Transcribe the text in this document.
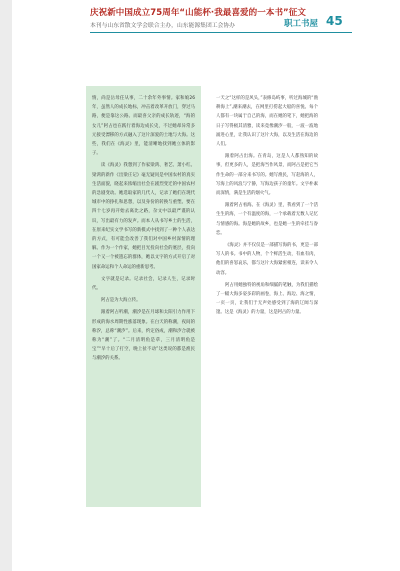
庆祝新中国成立75周年“山能杯·我最喜爱的一本书”征文
本刊与山东省散文学会联合主办，山东能源集团工会协办	职工书屋 45

情，尚是岳母任从事，二十余年外事情。家和娘26年，虽然人的成长地标，冲击着改革开放门，穿过马路，便是靠这公路。而最喜父亲的成长轨迹，“海的女儿”阿占也在践行着海边成长史，不过她却异常多元接受漂移的方式融入了这片深爱的土地与大海。这些，我们在《海灵》里，能清晰地找到她立体的影子。

读《海灵》我想到了作家梁鸿、奢艺、萧小红。梁鸿的新作《出梁庄记》毫无疑问是中国农村的真实生活面貌，晓起来浓缩出社会在剧烈变迁的中国农村的急剧变动。她选取家的几代人，记录了她们在现代城市中的挣扎和思想，以及身份的转换与重塑。要在四十七岁再开始去离比之路，杂文中以最严谨的认识，写出最有力的发声。而本人从书写乡土的生活，在原来纪实文学书写的新模式中找到了一种个人表达的方式，有可能会改善了我们对中国乡村深情的理解。作为一个作家，她把目光投向社会的底层，投向一个又一个被遗忘的群体，她以文字的方式开启了对国家命运和个人命运的重新思考。

文字就是记录。记录社会，记录人生，记录时代。

阿占是为大海立传。

跟着阿占听潮，潮汐是在月球和太阳引力作用下形成的海水周期性涨落现象。在白天的称潮，夜间的称汐，总称“潮汐”。后来，约定俗成，潮和汐合就被称为“潮”了。“二月清明鱼是草，三月清明鱼是宝”“早十后了打空，晚上扯不动”这类说的都是渔民与潮汐的关系。

一天之“这样的是风头，”表修岛屿事，听过海城的“渔耕海上”,潮来潮去，在网里打捞起大船的喜悦。每个人都有一块属于自己的海，而在她的笔下，她把海的日子写得极其清雅，读来竟像潮汐一般，一波一波地涌进心里，让我认识了这片大海，以及生活在海边的人们。

跟着阿占出海。在青岛，这是人人都熟知的故事，但更多的人，是把海当作风景，而阿占是把它当作生命的一部分来书写的。她写渔民，写赶海的人，写海上的风浪与宁静，写海边孩子的童年。文字朴素而深情，满是生活的烟火气。

跟着阿占看海。在《海灵》里，我看到了一个活生生的海，一个有温度的海，一个承载着无数人记忆与情感的海。海是她的故乡，也是她一生的牵挂与眷恋。

《海灵》并不仅仅是一部描写海的书，更是一部写人的书。书中的人物，个个鲜活生动，有血有肉，他们的喜怒哀乐，都与这片大海紧密相连，读来令人动容。

阿占用她独特的视角和细腻的笔触，为我们描绘了一幅大海多姿多彩的画卷，海上、海边、海之情，一页一页，让我们于无声处感受到了海的辽阔与深邃。这是《海灵》的力量，这是阿占的力量。
